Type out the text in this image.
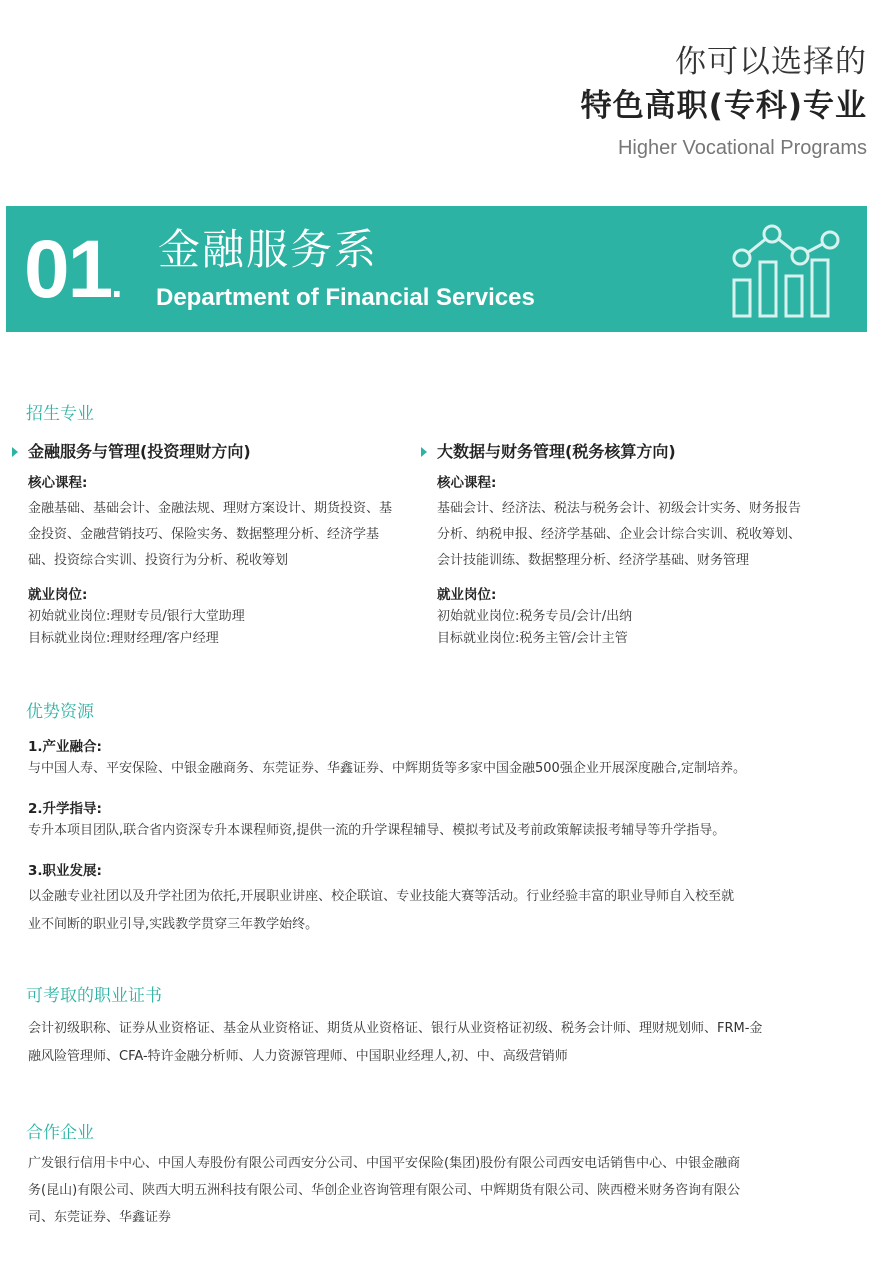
你可以选择的
特色高职(专科)专业
Higher Vocational Programs
01.
金融服务系
Department of Financial Services
招生专业
金融服务与管理(投资理财方向)
核心课程:
金融基础、基础会计、金融法规、理财方案设计、期货投资、基
金投资、金融营销技巧、保险实务、数据整理分析、经济学基
础、投资综合实训、投资行为分析、税收筹划
就业岗位:
初始就业岗位:理财专员/银行大堂助理
目标就业岗位:理财经理/客户经理
大数据与财务管理(税务核算方向)
核心课程:
基础会计、经济法、税法与税务会计、初级会计实务、财务报告
分析、纳税申报、经济学基础、企业会计综合实训、税收筹划、
会计技能训练、数据整理分析、经济学基础、财务管理
就业岗位:
初始就业岗位:税务专员/会计/出纳
目标就业岗位:税务主管/会计主管
优势资源
1.产业融合:
与中国人寿、平安保险、中银金融商务、东莞证券、华鑫证券、中辉期货等多家中国金融500强企业开展深度融合,定制培养。
2.升学指导:
专升本项目团队,联合省内资深专升本课程师资,提供一流的升学课程辅导、模拟考试及考前政策解读报考辅导等升学指导。
3.职业发展:
以金融专业社团以及升学社团为依托,开展职业讲座、校企联谊、专业技能大赛等活动。行业经验丰富的职业导师自入校至就
业不间断的职业引导,实践教学贯穿三年教学始终。
可考取的职业证书
会计初级职称、证券从业资格证、基金从业资格证、期货从业资格证、银行从业资格证初级、税务会计师、理财规划师、FRM-金
融风险管理师、CFA-特许金融分析师、人力资源管理师、中国职业经理人,初、中、高级营销师
合作企业
广发银行信用卡中心、中国人寿股份有限公司西安分公司、中国平安保险(集团)股份有限公司西安电话销售中心、中银金融商
务(昆山)有限公司、陕西大明五洲科技有限公司、华创企业咨询管理有限公司、中辉期货有限公司、陕西橙米财务咨询有限公
司、东莞证券、华鑫证券
